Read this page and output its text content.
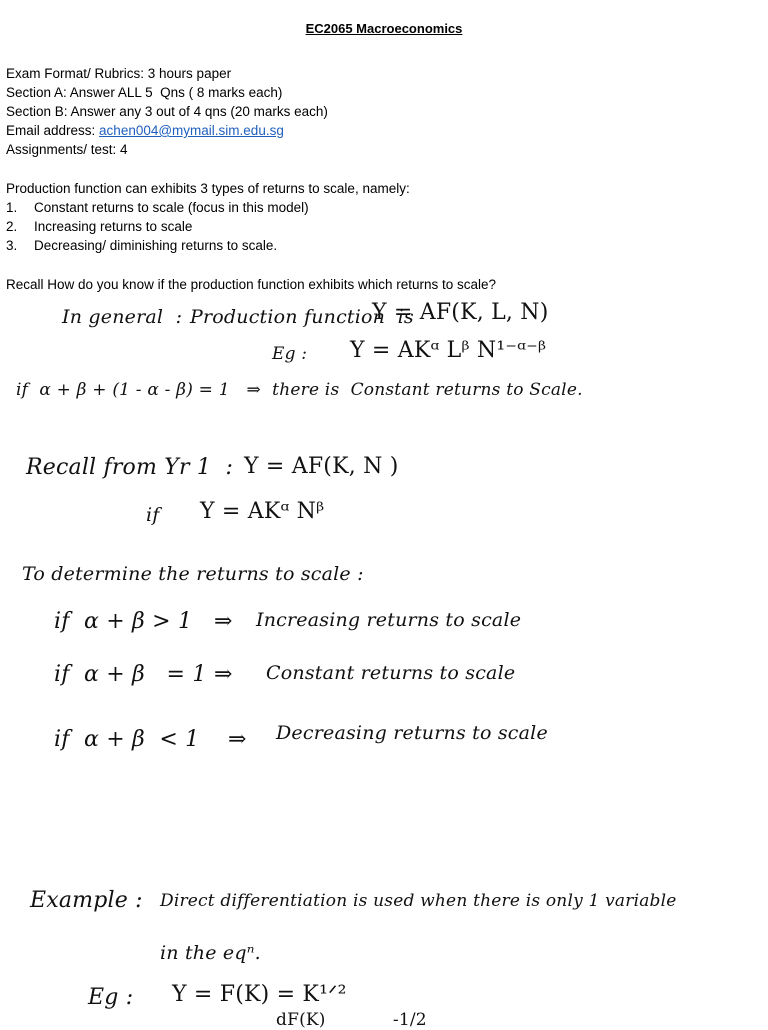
EC2065 Macroeconomics
Exam Format/ Rubrics: 3 hours paper
Section A: Answer ALL 5  Qns ( 8 marks each)
Section B: Answer any 3 out of 4 qns (20 marks each)
Email address: achen004@mymail.sim.edu.sg
Assignments/ test: 4
Production function can exhibits 3 types of returns to scale, namely:
1.	Constant returns to scale (focus in this model)
2.	Increasing returns to scale
3.	Decreasing/ diminishing returns to scale.
Recall How do you know if the production function exhibits which returns to scale?
In general  : Production function  is
Y = AF(K, L, N)
Eg : Y = AKᵅ Lᵝ N¹⁻ᵅ⁻ᵝ
if  α + β + (1 - α - β) = 1   ⇒  there is  Constant returns to Scale.
Recall from Yr 1  : Y = AF(K, N )
if Y = AKᵅ Nᵝ
To determine the returns to scale :
if  α + β > 1 ⇒ Increasing returns to scale
if  α + β   = 1 ⇒ Constant returns to scale
if  α + β  < 1 ⇒ Decreasing returns to scale
Example : Direct differentiation is used when there is only 1 variable
in the eqⁿ.
Eg : Y = F(K) = K¹ᐟ²
dF(K)            -1/2
